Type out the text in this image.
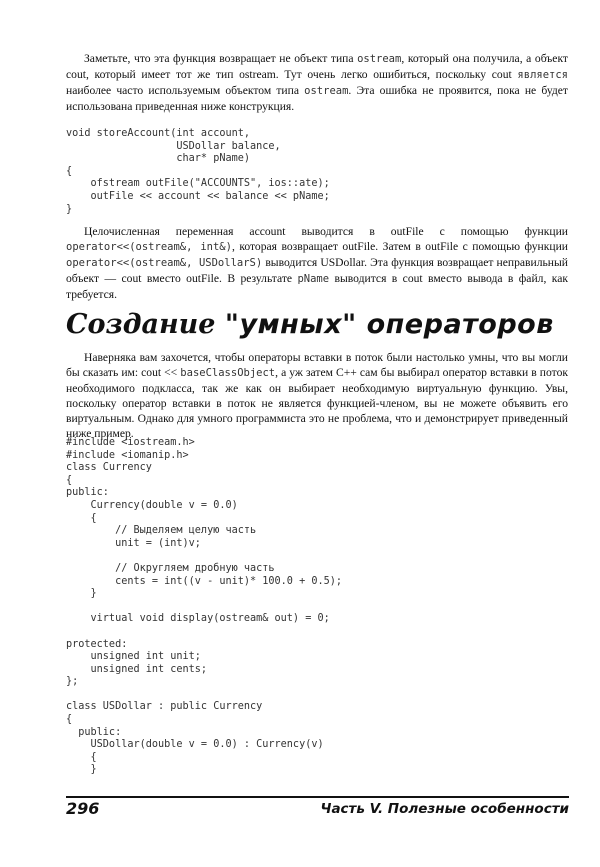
Заметьте, что эта функция возвращает не объект типа ostream, который она получила, а объект cout, который имеет тот же тип ostream. Тут очень легко ошибиться, поскольку cout является наиболее часто используемым объектом типа ostream. Эта ошибка не проявится, пока не будет использована приведенная ниже конструкция.

void storeAccount(int account,
USDollar balance,
char* pName)
{
ofstream outFile("ACCOUNTS", ios::ate);
outFile << account << balance << pName;
}

Целочисленная переменная account выводится в outFile с помощью функции operator<<(ostream&, int&), которая возвращает outFile. Затем в outFile с помощью функции operator<<(ostream&, USDollarS) выводится USDollar. Эта функция возвращает неправильный объект — cout вместо outFile. В результате pName выводится в cout вместо вывода в файл, как требуется.

Создание "умных" операторов

Наверняка вам захочется, чтобы операторы вставки в поток были настолько умны, что вы могли бы сказать им: cout << baseClassObject, а уж затем C++ сам бы выбирал оператор вставки в поток необходимого подкласса, так же как он выбирает необходимую виртуальную функцию. Увы, поскольку оператор вставки в поток не является функцией-членом, вы не можете объявить его виртуальным. Однако для умного программиста это не проблема, что и демонстрирует приведенный ниже пример.

#include <iostream.h>
#include <iomanip.h>
class Currency
{
public:
Currency(double v = 0.0)
{
// Выделяем целую часть
unit = (int)v;

// Округляем дробную часть
cents = int((v - unit)* 100.0 + 0.5);
}

virtual void display(ostream& out) = 0;

protected:
unsigned int unit;
unsigned int cents;
};

class USDollar : public Currency
{
public:
USDollar(double v = 0.0) : Currency(v)
{
}

296	Часть V. Полезные особенности
